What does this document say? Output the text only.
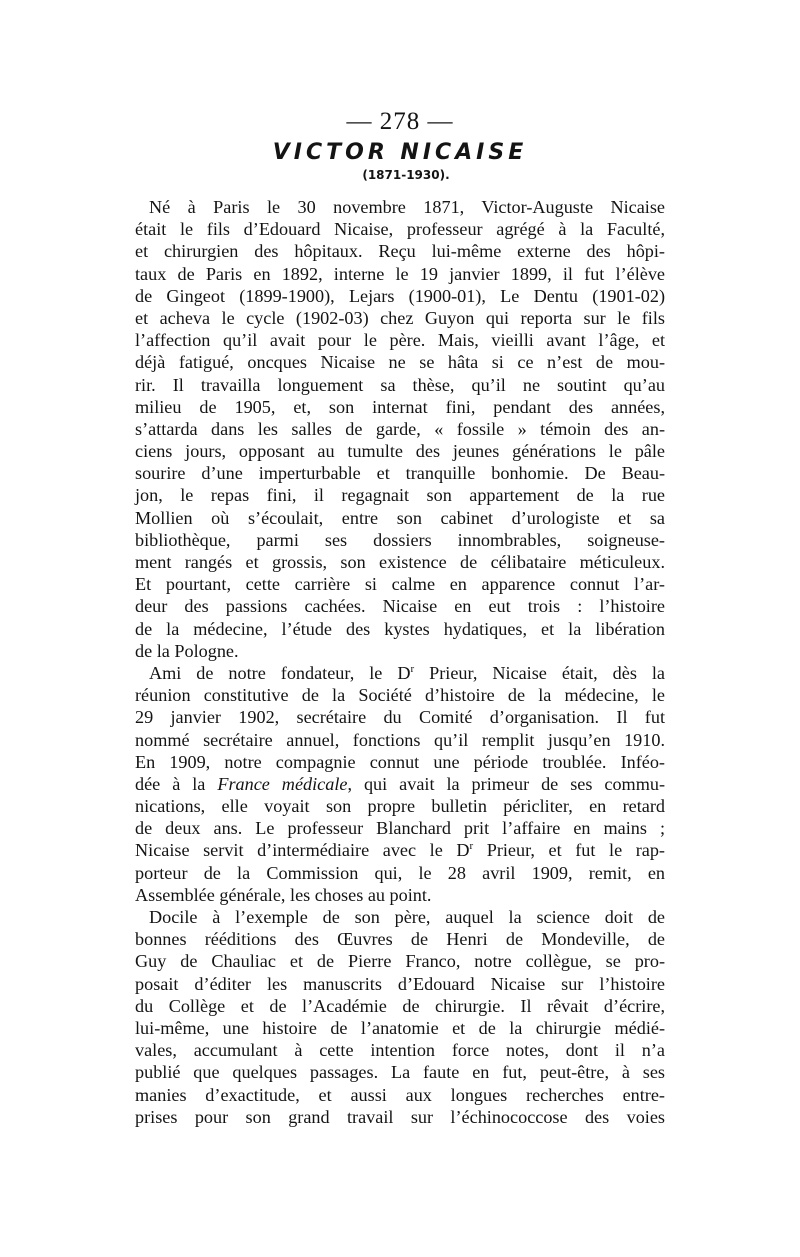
— 278 —
VICTOR NICAISE
(1871-1930).
Né à Paris le 30 novembre 1871, Victor-Auguste Nicaise
était le fils d’Edouard Nicaise, professeur agrégé à la Faculté,
et chirurgien des hôpitaux. Reçu lui-même externe des hôpi-
taux de Paris en 1892, interne le 19 janvier 1899, il fut l’élève
de Gingeot (1899-1900), Lejars (1900-01), Le Dentu (1901-02)
et acheva le cycle (1902-03) chez Guyon qui reporta sur le fils
l’affection qu’il avait pour le père. Mais, vieilli avant l’âge, et
déjà fatigué, oncques Nicaise ne se hâta si ce n’est de mou-
rir. Il travailla longuement sa thèse, qu’il ne soutint qu’au
milieu de 1905, et, son internat fini, pendant des années,
s’attarda dans les salles de garde, « fossile » témoin des an-
ciens jours, opposant au tumulte des jeunes générations le pâle
sourire d’une imperturbable et tranquille bonhomie. De Beau-
jon, le repas fini, il regagnait son appartement de la rue
Mollien où s’écoulait, entre son cabinet d’urologiste et sa
bibliothèque, parmi ses dossiers innombrables, soigneuse-
ment rangés et grossis, son existence de célibataire méticuleux.
Et pourtant, cette carrière si calme en apparence connut l’ar-
deur des passions cachées. Nicaise en eut trois : l’histoire
de la médecine, l’étude des kystes hydatiques, et la libération
de la Pologne.
Ami de notre fondateur, le $D^r$ Prieur, Nicaise était, dès la
réunion constitutive de la Société d’histoire de la médecine, le
29 janvier 1902, secrétaire du Comité d’organisation. Il fut
nommé secrétaire annuel, fonctions qu’il remplit jusqu’en 1910.
En 1909, notre compagnie connut une période troublée. Inféo-
dée à la France médicale, qui avait la primeur de ses commu-
nications, elle voyait son propre bulletin péricliter, en retard
de deux ans. Le professeur Blanchard prit l’affaire en mains ;
Nicaise servit d’intermédiaire avec le $D^r$ Prieur, et fut le rap-
porteur de la Commission qui, le 28 avril 1909, remit, en
Assemblée générale, les choses au point.
Docile à l’exemple de son père, auquel la science doit de
bonnes rééditions des Œuvres de Henri de Mondeville, de
Guy de Chauliac et de Pierre Franco, notre collègue, se pro-
posait d’éditer les manuscrits d’Edouard Nicaise sur l’histoire
du Collège et de l’Académie de chirurgie. Il rêvait d’écrire,
lui-même, une histoire de l’anatomie et de la chirurgie médié-
vales, accumulant à cette intention force notes, dont il n’a
publié que quelques passages. La faute en fut, peut-être, à ses
manies d’exactitude, et aussi aux longues recherches entre-
prises pour son grand travail sur l’échinococcose des voies
